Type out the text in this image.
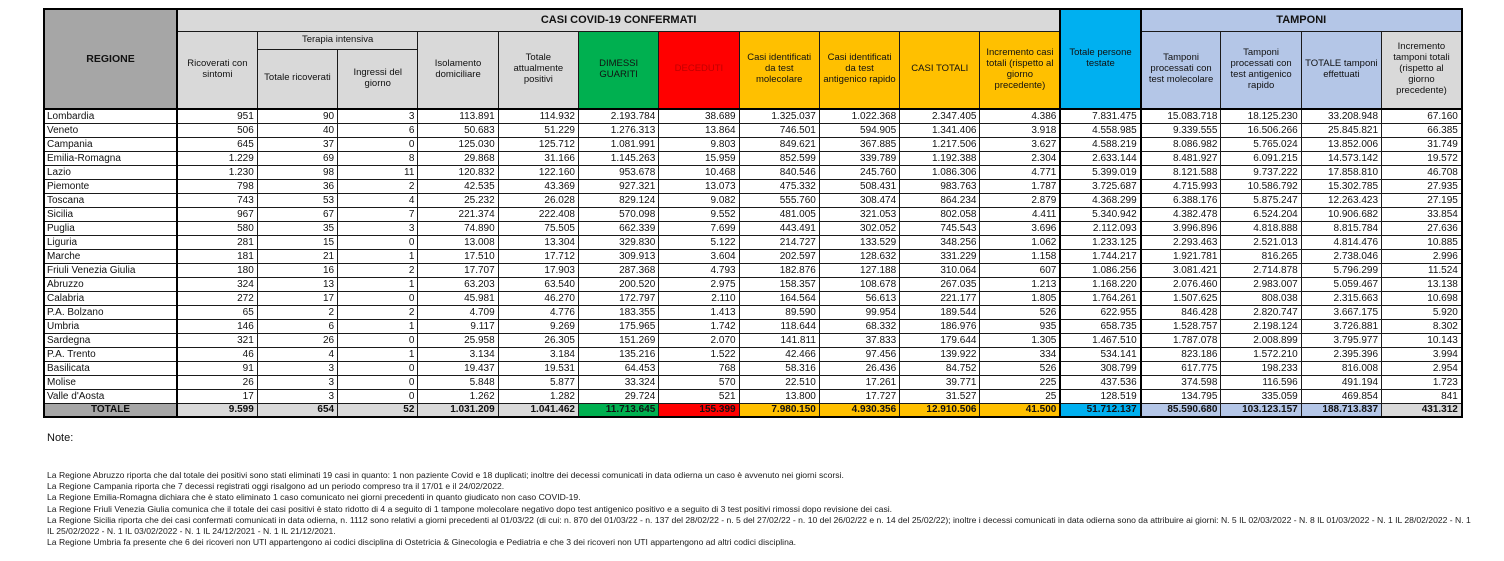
REGIONE	CASI COVID-19 CONFERMATI											Totale persone testate	TAMPONI			
	Ricoverati con sintomi	Terapia intensiva		Isolamento domiciliare	Totale attualmente positivi	DIMESSI GUARITI	DECEDUTI	Casi identificati da test molecolare	Casi identificati da test antigenico rapido	CASI TOTALI	Incremento casi totali (rispetto al giorno precedente)		Tamponi processati con test molecolare	Tamponi processati con test antigenico rapido	TOTALE tamponi effettuati	Incremento tamponi totali (rispetto al giorno precedente)
		Totale ricoverati	Ingressi del giorno													
Lombardia	951	90	3	113.891	114.932	2.193.784	38.689	1.325.037	1.022.368	2.347.405	4.386	7.831.475	15.083.718	18.125.230	33.208.948	67.160
Veneto	506	40	6	50.683	51.229	1.276.313	13.864	746.501	594.905	1.341.406	3.918	4.558.985	9.339.555	16.506.266	25.845.821	66.385
Campania	645	37	0	125.030	125.712	1.081.991	9.803	849.621	367.885	1.217.506	3.627	4.588.219	8.086.982	5.765.024	13.852.006	31.749
Emilia-Romagna	1.229	69	8	29.868	31.166	1.145.263	15.959	852.599	339.789	1.192.388	2.304	2.633.144	8.481.927	6.091.215	14.573.142	19.572
Lazio	1.230	98	11	120.832	122.160	953.678	10.468	840.546	245.760	1.086.306	4.771	5.399.019	8.121.588	9.737.222	17.858.810	46.708
Piemonte	798	36	2	42.535	43.369	927.321	13.073	475.332	508.431	983.763	1.787	3.725.687	4.715.993	10.586.792	15.302.785	27.935
Toscana	743	53	4	25.232	26.028	829.124	9.082	555.760	308.474	864.234	2.879	4.368.299	6.388.176	5.875.247	12.263.423	27.195
Sicilia	967	67	7	221.374	222.408	570.098	9.552	481.005	321.053	802.058	4.411	5.340.942	4.382.478	6.524.204	10.906.682	33.854
Puglia	580	35	3	74.890	75.505	662.339	7.699	443.491	302.052	745.543	3.696	2.112.093	3.996.896	4.818.888	8.815.784	27.636
Liguria	281	15	0	13.008	13.304	329.830	5.122	214.727	133.529	348.256	1.062	1.233.125	2.293.463	2.521.013	4.814.476	10.885
Marche	181	21	1	17.510	17.712	309.913	3.604	202.597	128.632	331.229	1.158	1.744.217	1.921.781	816.265	2.738.046	2.996
Friuli Venezia Giulia	180	16	2	17.707	17.903	287.368	4.793	182.876	127.188	310.064	607	1.086.256	3.081.421	2.714.878	5.796.299	11.524
Abruzzo	324	13	1	63.203	63.540	200.520	2.975	158.357	108.678	267.035	1.213	1.168.220	2.076.460	2.983.007	5.059.467	13.138
Calabria	272	17	0	45.981	46.270	172.797	2.110	164.564	56.613	221.177	1.805	1.764.261	1.507.625	808.038	2.315.663	10.698
P.A. Bolzano	65	2	2	4.709	4.776	183.355	1.413	89.590	99.954	189.544	526	622.955	846.428	2.820.747	3.667.175	5.920
Umbria	146	6	1	9.117	9.269	175.965	1.742	118.644	68.332	186.976	935	658.735	1.528.757	2.198.124	3.726.881	8.302
Sardegna	321	26	0	25.958	26.305	151.269	2.070	141.811	37.833	179.644	1.305	1.467.510	1.787.078	2.008.899	3.795.977	10.143
P.A. Trento	46	4	1	3.134	3.184	135.216	1.522	42.466	97.456	139.922	334	534.141	823.186	1.572.210	2.395.396	3.994
Basilicata	91	3	0	19.437	19.531	64.453	768	58.316	26.436	84.752	526	308.799	617.775	198.233	816.008	2.954
Molise	26	3	0	5.848	5.877	33.324	570	22.510	17.261	39.771	225	437.536	374.598	116.596	491.194	1.723
Valle d'Aosta	17	3	0	1.262	1.282	29.724	521	13.800	17.727	31.527	25	128.519	134.795	335.059	469.854	841
TOTALE	9.599	654	52	1.031.209	1.041.462	11.713.645	155.399	7.980.150	4.930.356	12.910.506	41.500	51.712.137	85.590.680	103.123.157	188.713.837	431.312
Note:
La Regione Abruzzo riporta che dal totale dei positivi sono stati eliminati 19 casi in quanto: 1 non paziente Covid e 18 duplicati; inoltre dei decessi comunicati in data odierna un caso è avvenuto nei giorni scorsi.
La Regione Campania riporta che 7 decessi registrati oggi risalgono ad un periodo compreso tra il 17/01 e il 24/02/2022.
La Regione Emilia-Romagna dichiara che è stato eliminato 1 caso comunicato nei giorni precedenti in quanto giudicato non caso COVID-19.
La Regione Friuli Venezia Giulia comunica che il totale dei casi positivi è stato ridotto di 4 a seguito di 1 tampone molecolare negativo dopo test antigenico positivo e a seguito di 3 test positivi rimossi dopo revisione dei casi.
La Regione Sicilia riporta che dei casi confermati comunicati in data odierna, n. 1112 sono relativi a giorni precedenti al 01/03/22 (di cui: n. 870 del 01/03/22 - n. 137 del 28/02/22 - n. 5 del 27/02/22 - n. 10 del 26/02/22 e n. 14 del 25/02/22); inoltre i decessi comunicati in data odierna sono da attribuire ai giorni: N. 5 IL 02/03/2022 - N. 8 IL 01/03/2022 - N. 1 IL 28/02/2022 - N. 1 IL 25/02/2022 - N. 1 IL 03/02/2022 - N. 1 IL 24/12/2021 - N. 1 IL 21/12/2021.
La Regione Umbria fa presente che 6 dei ricoveri non UTI appartengono ai codici disciplina di Ostetricia & Ginecologia e Pediatria e che 3 dei ricoveri non UTI appartengono ad altri codici disciplina.
